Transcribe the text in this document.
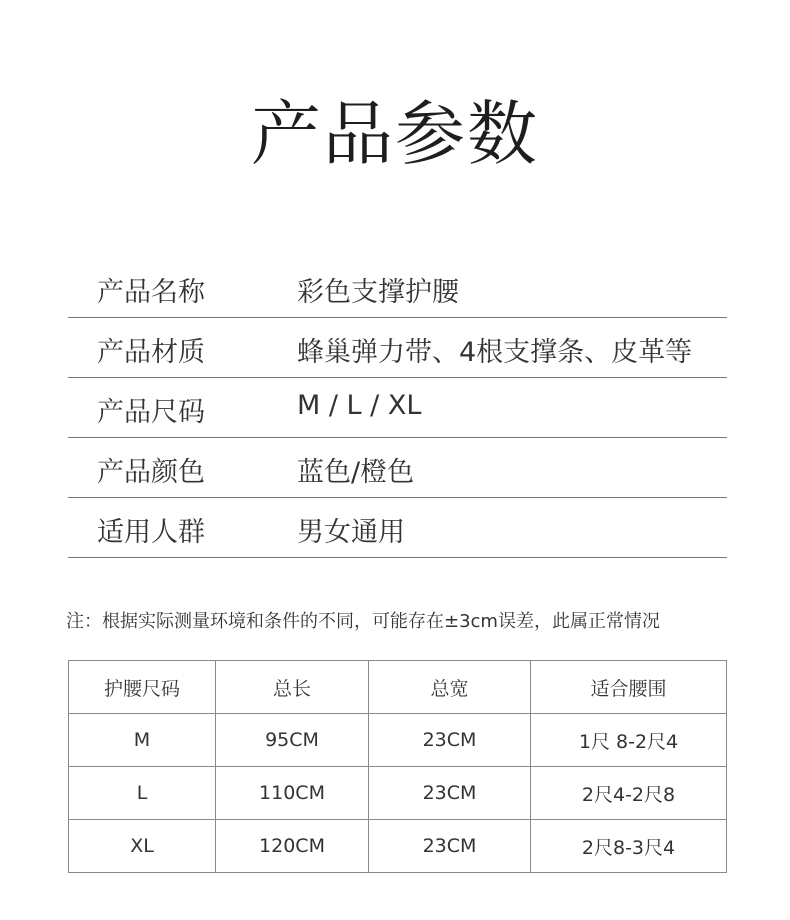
产品参数
产品名称	彩色支撑护腰
产品材质	蜂巢弹力带、4根支撑条、皮革等
产品尺码	M / L / XL
产品颜色	蓝色/橙色
适用人群	男女通用
注：根据实际测量环境和条件的不同，可能存在±3cm误差，此属正常情况
护腰尺码	总长	总宽	适合腰围
M	95CM	23CM	1尺 8-2尺4
L	110CM	23CM	2尺4-2尺8
XL	120CM	23CM	2尺8-3尺4
